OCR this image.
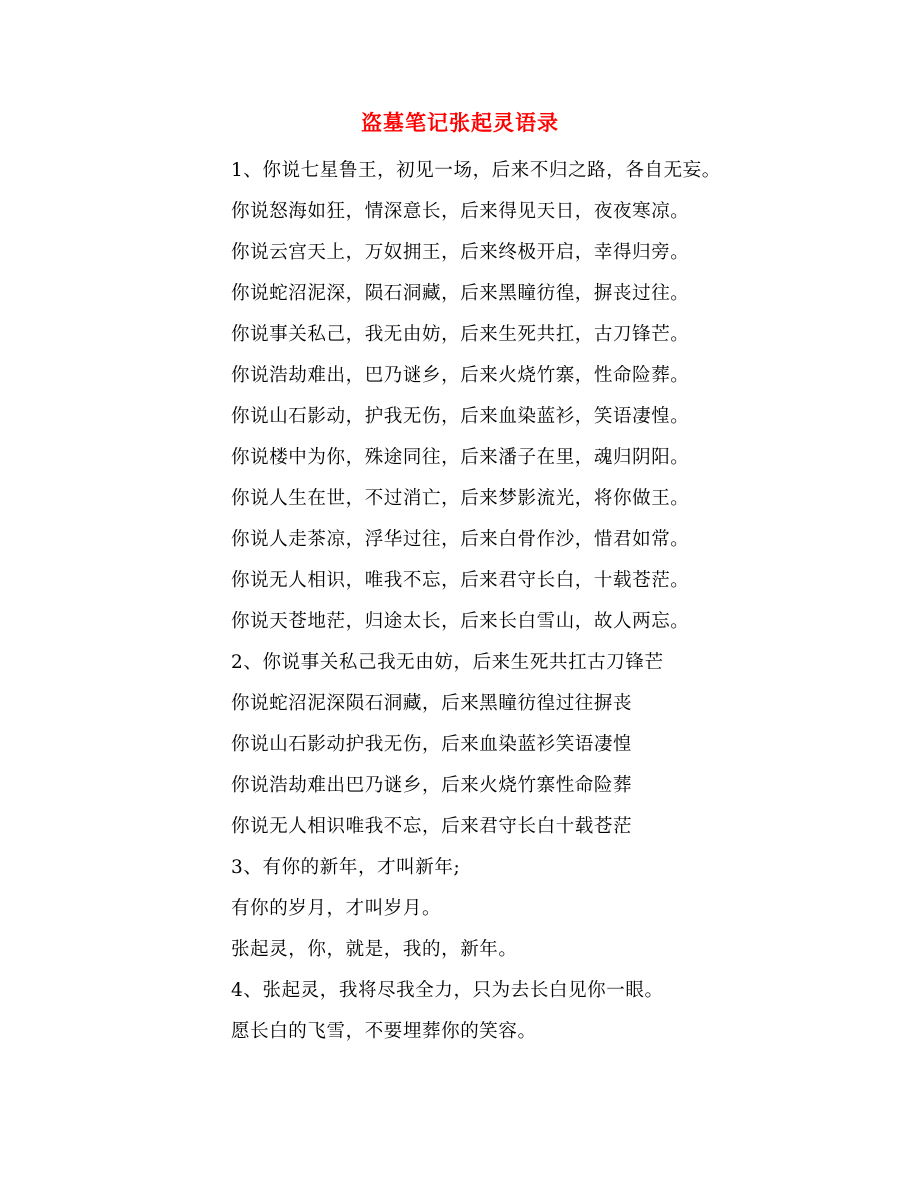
盗墓笔记张起灵语录
1、你说七星鲁王，初见一场，后来不归之路，各自无妄。
你说怒海如狂，情深意长，后来得见天日，夜夜寒凉。
你说云宫天上，万奴拥王，后来终极开启，幸得归旁。
你说蛇沼泥深，陨石洞藏，后来黑瞳彷徨，摒丧过往。
你说事关私己，我无由妨，后来生死共扛，古刀锋芒。
你说浩劫难出，巴乃谜乡，后来火烧竹寨，性命险葬。
你说山石影动，护我无伤，后来血染蓝衫，笑语凄惶。
你说楼中为你，殊途同往，后来潘子在里，魂归阴阳。
你说人生在世，不过消亡，后来梦影流光，将你做王。
你说人走茶凉，浮华过往，后来白骨作沙，惜君如常。
你说无人相识，唯我不忘，后来君守长白，十载苍茫。
你说天苍地茫，归途太长，后来长白雪山，故人两忘。
2、你说事关私己我无由妨，后来生死共扛古刀锋芒
你说蛇沼泥深陨石洞藏，后来黑瞳彷徨过往摒丧
你说山石影动护我无伤，后来血染蓝衫笑语凄惶
你说浩劫难出巴乃谜乡，后来火烧竹寨性命险葬
你说无人相识唯我不忘，后来君守长白十载苍茫
3、有你的新年，才叫新年;
有你的岁月，才叫岁月。
张起灵，你，就是，我的，新年。
4、张起灵，我将尽我全力，只为去长白见你一眼。
愿长白的飞雪，不要埋葬你的笑容。
